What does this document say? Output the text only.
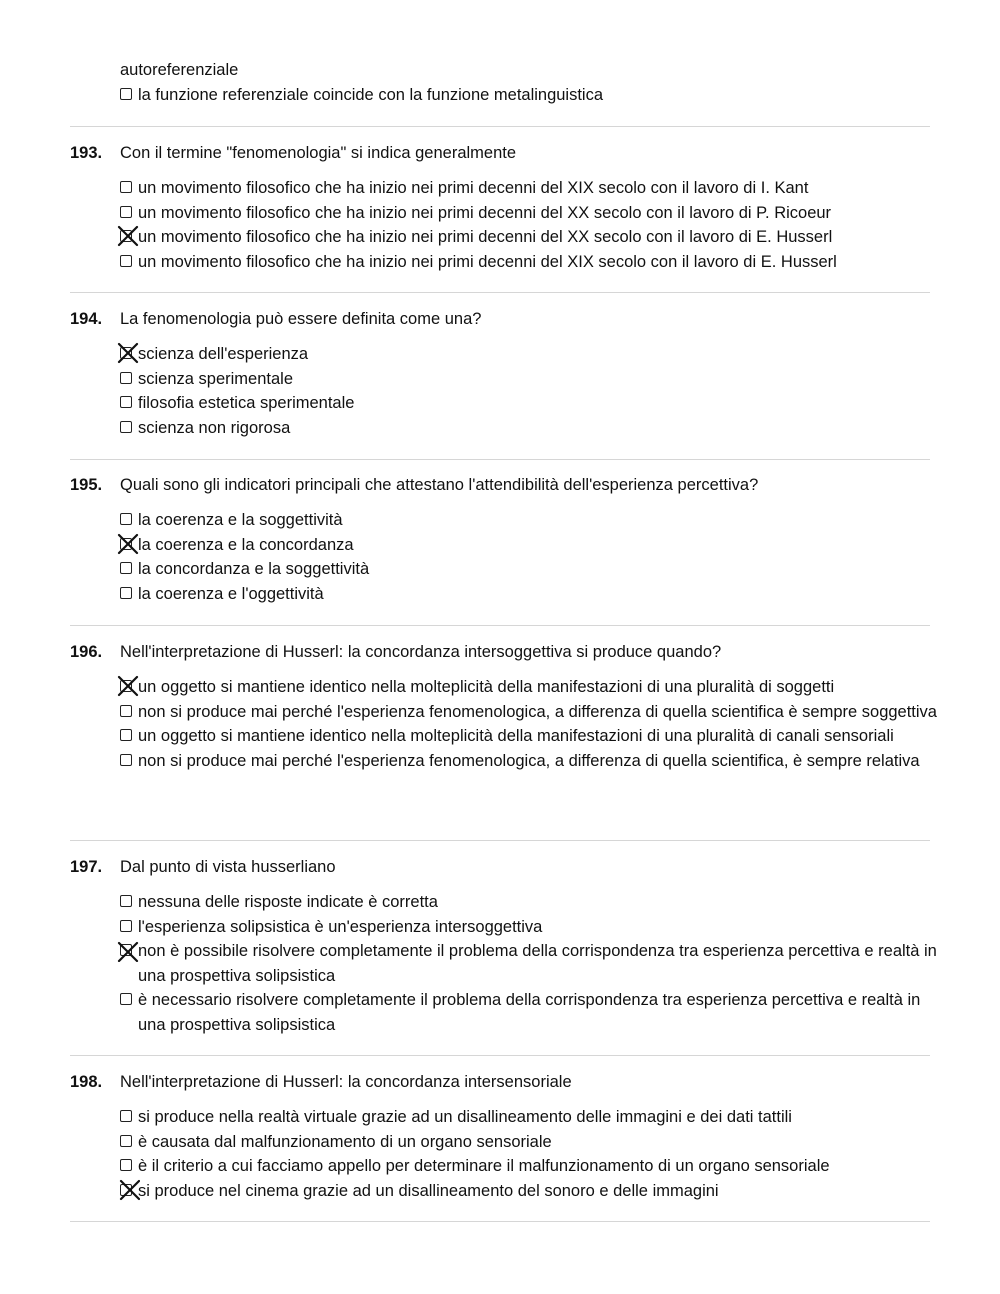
autoreferenziale
la funzione referenziale coincide con la funzione metalinguistica
193.	Con il termine "fenomenologia" si indica generalmente
un movimento filosofico che ha inizio nei primi decenni del XIX secolo con il lavoro di I. Kant
un movimento filosofico che ha inizio nei primi decenni del XX secolo con il lavoro di P. Ricoeur
un movimento filosofico che ha inizio nei primi decenni del XX secolo con il lavoro di E. Husserl
un movimento filosofico che ha inizio nei primi decenni del XIX secolo con il lavoro di E. Husserl
194.	La fenomenologia può essere definita come una?
scienza dell'esperienza
scienza sperimentale
filosofia estetica sperimentale
scienza non rigorosa
195.	Quali sono gli indicatori principali che attestano l'attendibilità dell'esperienza percettiva?
la coerenza e la soggettività
la coerenza e la concordanza
la concordanza e la soggettività
la coerenza e l'oggettività
196.	Nell'interpretazione di Husserl: la concordanza intersoggettiva si produce quando?
un oggetto si mantiene identico nella molteplicità della manifestazioni di una pluralità di soggetti
non si produce mai perché l'esperienza fenomenologica, a differenza di quella scientifica è sempre soggettiva
un oggetto si mantiene identico nella molteplicità della manifestazioni di una pluralità di canali sensoriali
non si produce mai perché l'esperienza fenomenologica, a differenza di quella scientifica, è sempre relativa
197.	Dal punto di vista husserliano
nessuna delle risposte indicate è corretta
l'esperienza solipsistica è un'esperienza intersoggettiva
non è possibile risolvere completamente il problema della corrispondenza tra esperienza percettiva e realtà in una prospettiva solipsistica
è necessario risolvere completamente il problema della corrispondenza tra esperienza percettiva e realtà in una prospettiva solipsistica
198.	Nell'interpretazione di Husserl: la concordanza intersensoriale
si produce nella realtà virtuale grazie ad un disallineamento delle immagini e dei dati tattili
è causata dal malfunzionamento di un organo sensoriale
è il criterio a cui facciamo appello per determinare il malfunzionamento di un organo sensoriale
si produce nel cinema grazie ad un disallineamento del sonoro e delle immagini
